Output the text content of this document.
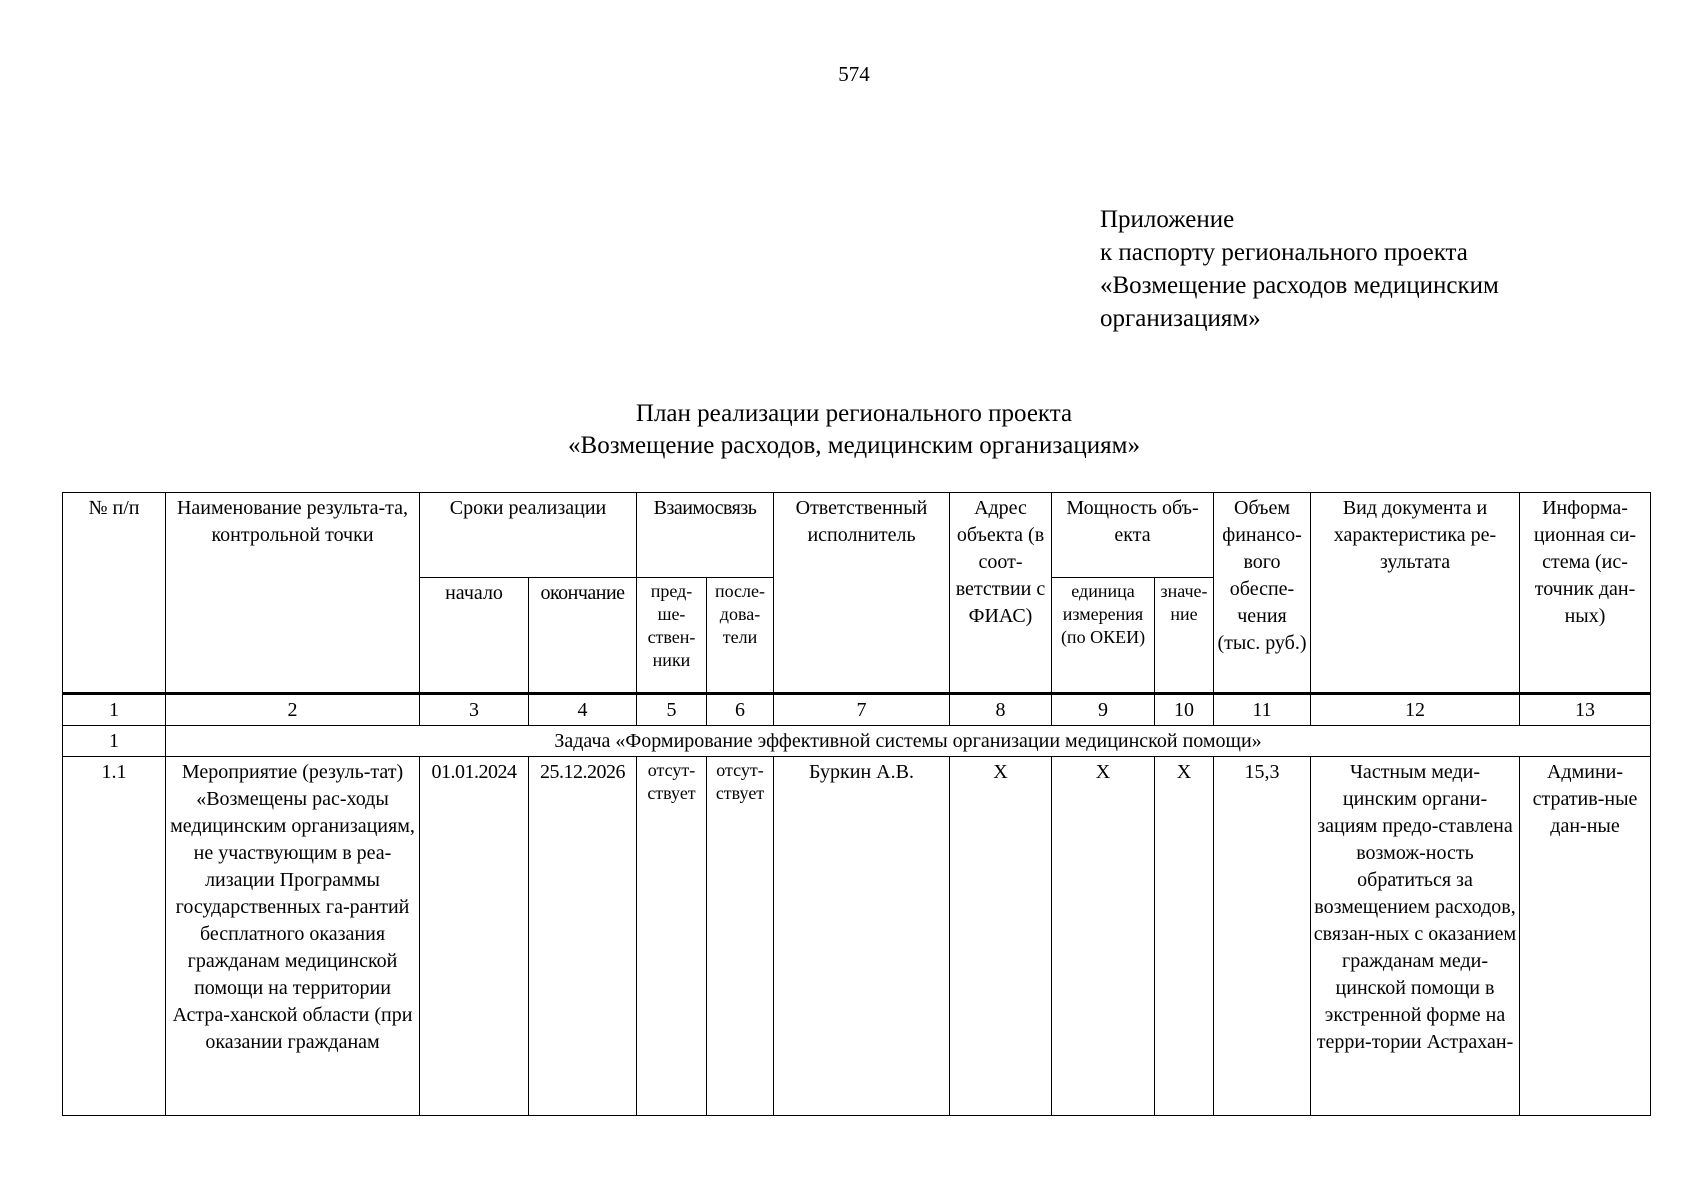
574
Приложение
к паспорту регионального проекта
«Возмещение расходов медицинским
организациям»
План реализации регионального проекта
«Возмещение расходов, медицинским организациям»
№ п/п	Наименование результа-та, контрольной точки	Сроки реализации		Взаимосвязь		Ответственный исполнитель	Адрес объекта (в соот-ветствии с ФИАС)	Мощность объ-екта		Объем финансо-вого обеспе-чения (тыс. руб.)	Вид документа и характеристика ре-зультата	Информа-ционная си-стема (ис-точник дан-ных)
		начало	окончание	пред-ше-ствен-ники	после-дова-тели			единица измерения (по ОКЕИ)	значе-ние			
1	2	3	4	5	6	7	8	9	10	11	12	13
1	Задача «Формирование эффективной системы организации медицинской помощи»											
1.1	Мероприятие (резуль-тат) «Возмещены рас-ходы медицинским организациям, не участвующим в реа-лизации Программы государственных га-рантий бесплатного оказания гражданам медицинской помощи на территории Астра-ханской области (при оказании гражданам	01.01.2024	25.12.2026	отсут-ствует	отсут-ствует	Буркин А.В.	Х	Х	Х	15,3	Частным меди-цинским органи-зациям предо-ставлена возмож-ность обратиться за возмещением расходов, связан-ных с оказанием гражданам меди-цинской помощи в экстренной форме на терри-тории Астрахан-	Админи-стратив-ные дан-ные
